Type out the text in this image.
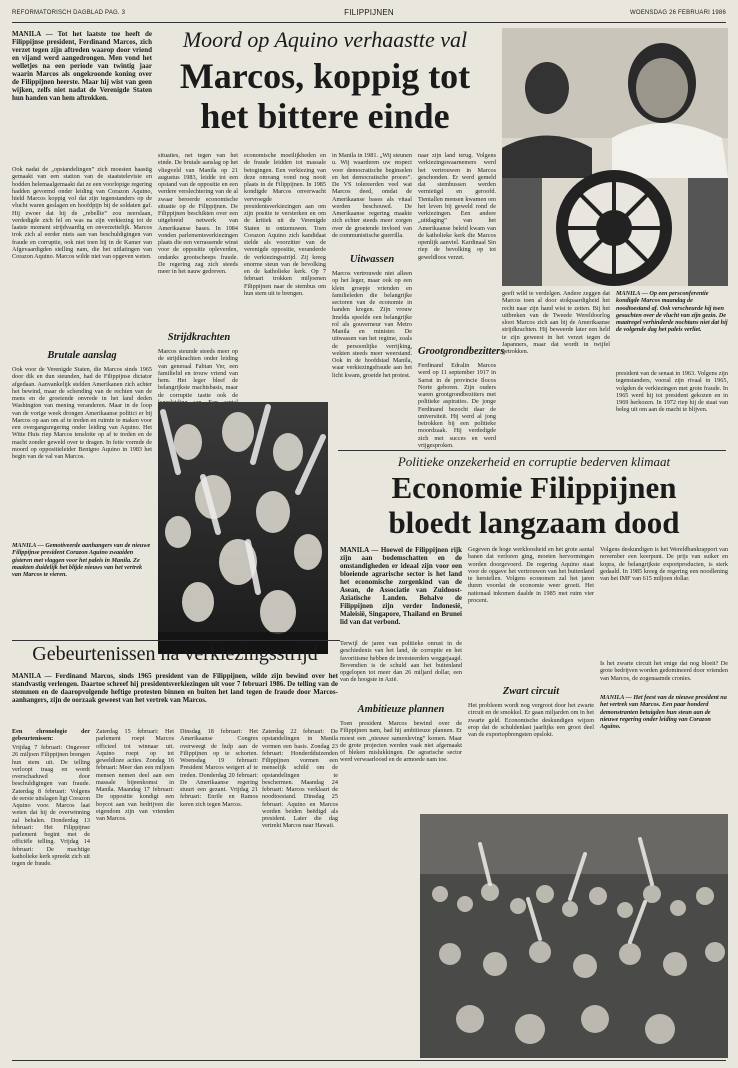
REFORMATORISCH DAGBLAD PAG. 3	FILIPPIJNEN	WOENSDAG 26 FEBRUARI 1986
Moord op Aquino verhaastte val
Marcos, koppig tot
het bittere einde
MANILA — Tot het laatste toe heeft de Filippijnse president, Ferdinand Marcos, zich verzet tegen zijn aftreden waarop door vriend en vijand werd aangedrongen. Men vond het welletjes na een periode van twintig jaar waarin Marcos als ongekroonde koning over de Filippijnen heerste. Maar hij wist van geen wijken, zelfs niet nadat de Verenigde Staten hun handen van hem aftrokken.
Ook nadat de „opstandelingen” zich moesten haastig gemaakt van een station van de staatstelevisie en bodden helemaalgemaakt dat ze een voorlopige regering hadden gevormd onder leiding van Corazon Aquino, hield Marcos koppig vol dat zijn tegenstanders op de vlucht waren geslagen en hoofdpijn bij de soldaten gaf. Hij zwoer dat hij de „rebellie” zou neerslaan, verdedigde zich fel en was na zijn verkiezing tot de laatste moment strijdvaardig en onverzettelijk. Marcos trok zich al eerder niets aan van beschuldigingen van fraude en corruptie, ook niet toen hij in de Kamer van Afgevaardigden stelling nam, die het uitlatingen van Corazon Aquino. Marcos wilde niet van opgeven weten.
Brutale aanslag
Ook voor de Verenigde Staten, die Marcos sinds 1965 door dik en dun steunden, had de Filippijnse dictator afgedaan. Aanvankelijk stelden Amerikanen zich achter het bewind, maar de schending van de rechten van de mens en de groeiende onvrede in het land deden Washington van mening veranderen. Maar in de loop van de vorige week drongen Amerikaanse politici er bij Marcos op aan om af te treden en ruimte te maken voor een overgangsregering onder leiding van Aquino. Het Witte Huis riep Marcos tenslotte op af te treden en de macht zonder geweld over te dragen. In feite vormde de moord op oppositieleider Benigno Aquino in 1983 het begin van de val van Marcos.
MANILA — Gemotiveerde aanhangers van de nieuwe Filippijnse president Corazon Aquino zwaaiden gisteren met vlaggen voor het paleis in Manila. Ze maakten duidelijk het blijde nieuws van het vertrek van Marcos te vieren.
situaties, net tegen van het einde. De brutale aanslag op het vliegveld van Manila op 21 augustus 1983, leidde tot een opstand van de oppositie en een verdere verslechtering van de al zwaar beroerde economische situatie op de Filippijnen. De Filippijnen beschikten over een uitgebreid netwerk van Amerikaanse bases. In 1984 vonden parlementsverkiezingen plaats die een verrassende winst voor de oppositie opleverden, ondanks grootscheeps fraude. De regering zag zich steeds meer in het nauw gedreven.
Strijdkrachten
Marcos steunde steeds meer op de strijdkrachten onder leiding van generaal Fabian Ver, een familielid en trouw vriend van hem. Het leger bleef de belangrijkste machtsbasis, maar de corruptie tastte ook de
economische moeilijkheden en de fraude leidden tot massale betogingen. Een verkiezing van deze omvang vond nog nooit plaats in de Filippijnen. In 1985 kondigde Marcos onverwacht vervroegde presidentsverkiezingen aan om zijn positie te versterken en om de kritiek uit de Verenigde Staten te ontzenuwen. Toen Corazon Aquino zich kandidaat stelde als voorzitter van de verenigde oppositie, veranderde de verkiezingsstrijd. Zij kreeg enorme steun van de bevolking en de katholieke kerk. Op 7 februari trokken miljoenen Filippijnen naar de stembus om hun stem uit te brengen.
in Manila in 1981. „Wij steunen u. Wij waarderen uw respect voor democratische beginselen en het democratische proces”. De VS tolereerden veel wat Marcos deed, omdat de Amerikaanse bases als vitaal werden beschouwd. De Amerikaanse regering maakte zich echter steeds meer zorgen over de groeiende invloed van de communistische guerrilla.
Uitwassen
Marcos vertrouwde niet alleen op het leger, maar ook op een klein groepje vrienden en familieleden die belangrijke sectoren van de economie in handen kregen. Zijn vrouw Imelda speelde een belangrijke rol als gouverneur van Metro Manila en minister. De uitwassen van het regime, zoals de persoonlijke verrijking, wekten steeds meer weerstand. Ook in de hoofdstad Manila, waar verkiezingsfraude aan het licht kwam, groeide het protest.
naar zijn land terug. Volgens verkiezingswaarnemers werd het vertrouwen in Marcos geschonden. Er werd gemeld dat stembussen werden vernietigd en geroofd. Tientallen mensen kwamen om het leven bij geweld rond de verkiezingen. Een andere „uitdaging” van het Amerikaanse beleid kwam van de katholieke kerk die Marcos openlijk aanviel. Kardinaal Sin riep de bevolking op tot geweldloos verzet.
Grootgrondbezitters
Ferdinand Edralin Marcos werd op 11 september 1917 in Sarrat in de provincie Ilocos Norte geboren. Zijn ouders waren grootgrondbezitters met politieke aspiraties. De jonge Ferdinand bezocht daar de universiteit. Hij werd al jong betrokken bij een politieke moordzaak. Hij verdedigde zich met succes en werd vrijgesproken.
geeft wild te verdelgen. Andere zeggen dat Marcos toen al door stokpaardigheid het recht naar zijn hand wist te zetten. Bij het uitbreken van de Tweede Wereldoorlog sloot Marcos zich aan bij de Amerikaanse strijdkrachten. Hij beweerde later een held te zijn geweest in het verzet tegen de Japanners, maar dat wordt in twijfel getrokken.
MANILA — Op een persconferentie kondigde Marcos maandag de noodtoestand af. Ook verscheurde hij toen gesuchten over de vlucht van zijn gezin. De maatregel verhinderde nochtans niet dat hij de volgende dag het paleis verliet.
president van de senaat in 1963. Volgens zijn tegenstanders, vooral zijn rivaal in 1965, volgden de verkiezingen met grote fraude. In 1965 werd hij tot president gekozen en in 1969 herkozen. In 1972 riep hij de staat van beleg uit om aan de macht te blijven.
Politieke onzekerheid en corruptie bederven klimaat
Economie Filippijnen
bloedt langzaam dood
MANILA — Hoewel de Filippijnen rijk zijn aan bodemschatten en de omstandigheden er ideaal zijn voor een bloeiende agrarische sector is het land het economische zorgenkind van de Asean, de Associatie van Zuidoost-Aziatische Landen. Behalve de Filippijnen zijn verder Indonesië, Maleisië, Singapore, Thailand en Brunei lid van dat verbond.
Terwijl de jaren van politieke onrust in de geschiedenis van het land, de corruptie en het favoritisme hebben de investeerders weggejaagd. Bovendien is de schuld aan het buitenland opgelopen tot meer dan 26 miljard dollar, een van de hoogste in Azië.
Ambitieuze plannen
Toen president Marcos bewind over de Filippijnen nam, had hij ambitieuze plannen. Er moest een „nieuwe samenleving” komen. Maar de grote projecten werden vaak niet afgemaakt of bleken mislukkingen. De agrarische sector werd verwaarloosd en de armoede nam toe.
Gegeven de hoge werkloosheid en het grote aantal banen dat verloren ging, moeten hervormingen worden doorgevoerd. De regering Aquino staat voor de opgave het vertrouwen van het buitenland te herstellen. Volgens economen zal het jaren duren voordat de economie weer groeit. Het nationaal inkomen daalde in 1985 met ruim vier procent.
Zwart circuit
Het probleem wordt nog vergroot door het zwarte circuit en de smokkel. Er gaan miljarden om in het zwarte geld. Economische deskundigen wijzen erop dat de schuldenlast jaarlijks een groot deel van de exportopbrengsten opslokt.
Volgens deskundigen is het Wereldbankrapport van november een keerpunt. De prijs van suiker en kopra, de belangrijkste exportproducten, is sterk gedaald. In 1985 kreeg de regering een noodlening van het IMF van 615 miljoen dollar.
Is het zwarte circuit het enige dat nog bloeit? De grote bedrijven worden gedomineerd door vrienden van Marcos, de zogenaamde cronies.
MANILA — Het feest van de nieuwe president na het vertrek van Marcos. Een paar honderd demonstranten betuigden hun steun aan de nieuwe regering onder leiding van Corazon Aquino.
Gebeurtenissen na verkiezingsstrijd
MANILA — Ferdinand Marcos, sinds 1965 president van de Filippijnen, wilde zijn bewind over het standvastig verlengen. Daartoe schreef hij presidentsverkiezingen uit voor 7 februari 1986. De telling van de stemmen en de daaropvolgende heftige protesten binnen en buiten het land tegen de fraude door Marcos-aanhangers, zijn de oorzaak geweest van het vertrek van Marcos.
Een chronologie der gebeurtenissen:
Vrijdag 7 februari: Ongeveer 26 miljoen Filippijnen brengen hun stem uit. De telling verloopt traag en wordt overschaduwd door beschuldigingen van fraude. Zaterdag 8 februari: Volgens de eerste uitslagen ligt Corazon Aquino voor. Marcos laat weten dat hij de overwinning zal behalen. Donderdag 13 februari: Het Filippijnse parlement begint met de officiële telling. Vrijdag 14 februari: De machtige katholieke kerk spreekt zich uit tegen de fraude.
Zaterdag 15 februari: Het parlement roept Marcos officieel tot winnaar uit. Aquino roept op tot geweldloze acties. Zondag 16 februari: Meer dan een miljoen mensen nemen deel aan een massale bijeenkomst in Manila. Maandag 17 februari: De oppositie kondigt een boycot aan van bedrijven die eigendom zijn van vrienden van Marcos.
Dinsdag 18 februari: Het Amerikaanse Congres overweegt de hulp aan de Filippijnen op te schorten. Woensdag 19 februari: President Marcos weigert af te treden. Donderdag 20 februari: De Amerikaanse regering stuurt een gezant. Vrijdag 21 februari: Enrile en Ramos keren zich tegen Marcos.
Zaterdag 22 februari: De opstandelingen in Manila vormen een basis. Zondag 23 februari: Honderdduizenden Filippijnen vormen een menselijk schild om de opstandelingen te beschermen. Maandag 24 februari: Marcos verklaart de noodtoestand. Dinsdag 25 februari: Aquino en Marcos worden beiden beëdigd als president. Later die dag vertrekt Marcos naar Hawaii.
